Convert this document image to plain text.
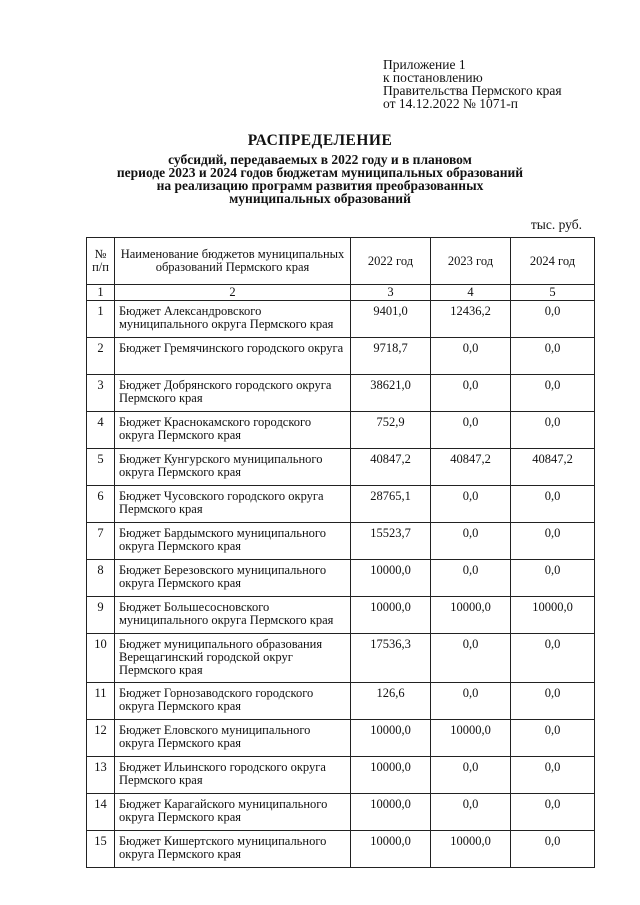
Приложение 1
к постановлению
Правительства Пермского края
от 14.12.2022 № 1071-п
РАСПРЕДЕЛЕНИЕ
субсидий, передаваемых в 2022 году и в плановом
периоде 2023 и 2024 годов бюджетам муниципальных образований
на реализацию программ развития преобразованных
муниципальных образований
тыс. руб.
№ п/п	Наименование бюджетов муниципальных образований Пермского края	2022 год	2023 год	2024 год
1	2	3	4	5
1	Бюджет Александровского муниципального округа Пермского края	9401,0	12436,2	0,0
2	Бюджет Гремячинского городского округа	9718,7	0,0	0,0
3	Бюджет Добрянского городского округа Пермского края	38621,0	0,0	0,0
4	Бюджет Краснокамского городского округа Пермского края	752,9	0,0	0,0
5	Бюджет Кунгурского муниципального округа Пермского края	40847,2	40847,2	40847,2
6	Бюджет Чусовского городского округа Пермского края	28765,1	0,0	0,0
7	Бюджет Бардымского муниципального округа Пермского края	15523,7	0,0	0,0
8	Бюджет Березовского муниципального округа Пермского края	10000,0	0,0	0,0
9	Бюджет Большесосновского муниципального округа Пермского края	10000,0	10000,0	10000,0
10	Бюджет муниципального образования Верещагинский городской округ Пермского края	17536,3	0,0	0,0
11	Бюджет Горнозаводского городского округа Пермского края	126,6	0,0	0,0
12	Бюджет Еловского муниципального округа Пермского края	10000,0	10000,0	0,0
13	Бюджет Ильинского городского округа Пермского края	10000,0	0,0	0,0
14	Бюджет Карагайского муниципального округа Пермского края	10000,0	0,0	0,0
15	Бюджет Кишертского муниципального округа Пермского края	10000,0	10000,0	0,0
